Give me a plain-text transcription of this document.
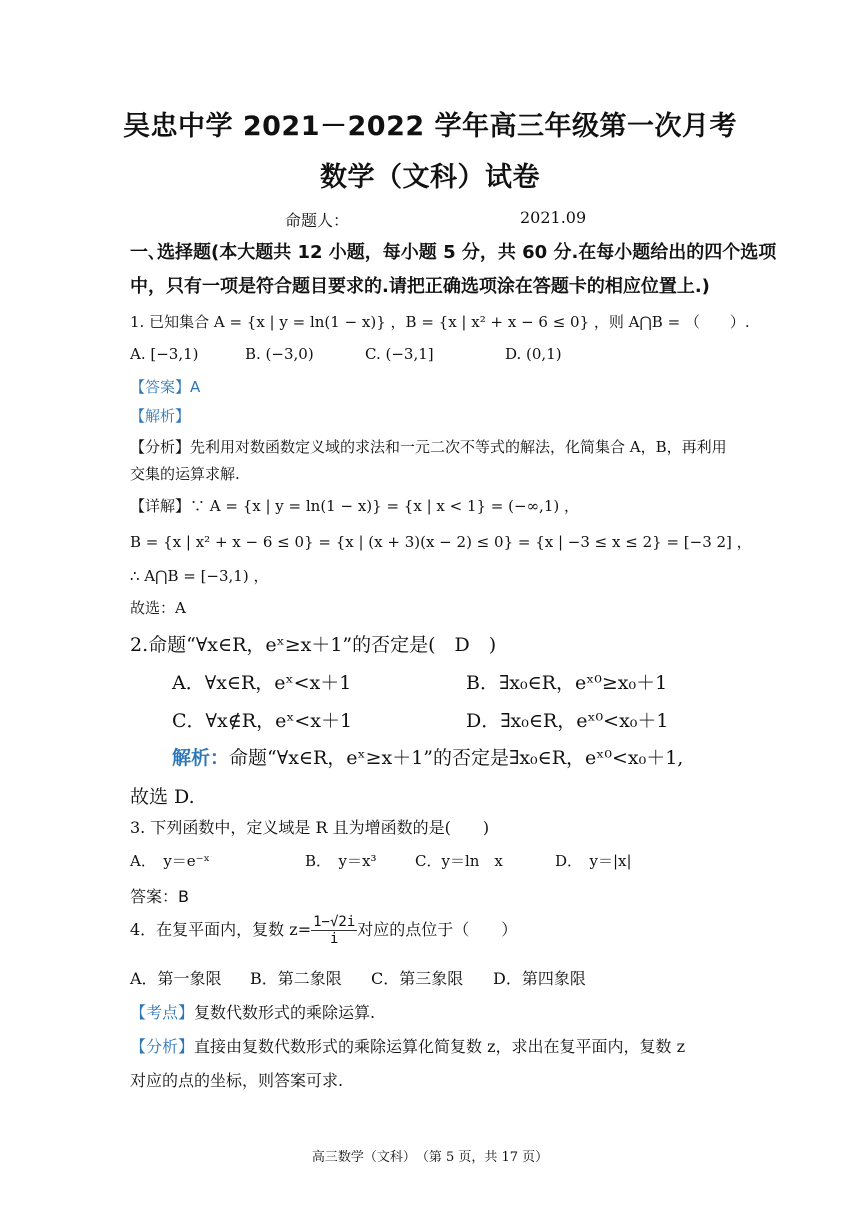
吴忠中学 2021－2022 学年高三年级第一次月考
数学（文科）试卷
命题人：	2021.09
一､选择题(本大题共 12 小题，每小题 5 分，共 60 分.在每小题给出的四个选项
中，只有一项是符合题目要求的.请把正确选项涂在答题卡的相应位置上.)
1. 已知集合 A = {x | y = ln(1 − x)} ，B = {x | x² + x − 6 ≤ 0} ，则 A⋂B = （　　）.
A. [−3,1)	B. (−3,0)	C. (−3,1]	D. (0,1)
【答案】A
【解析】
【分析】先利用对数函数定义域的求法和一元二次不等式的解法，化简集合 A，B，再利用
交集的运算求解.
【详解】∵ A = {x | y = ln(1 − x)} = {x | x < 1} = (−∞,1) ，
B = {x | x² + x − 6 ≤ 0} = {x | (x + 3)(x − 2) ≤ 0} = {x | −3 ≤ x ≤ 2} = [−3 2] ，
∴ A⋂B = [−3,1) ，
故选：A
2.命题“∀x∈R，eˣ≥x＋1”的否定是(　D　)
A．∀x∈R，eˣ<x＋1	B．∃x₀∈R，eˣ⁰≥x₀＋1
C．∀x∉R，eˣ<x＋1	D．∃x₀∈R，eˣ⁰<x₀＋1
解析：命题“∀x∈R，eˣ≥x＋1”的否定是∃x₀∈R，eˣ⁰<x₀＋1,
故选 D.
3. 下列函数中，定义域是 R 且为增函数的是(　　)
A．　y＝e⁻ˣ	B．　y＝x³	C．y＝ln　x	D．　y＝|x|
答案：B
4．在复平面内，复数 $z= \frac{1-√2i}{i}$ 对应的点位于（　　）
A．第一象限 B．第二象限 C．第三象限 D．第四象限
【考点】复数代数形式的乘除运算.
【分析】直接由复数代数形式的乘除运算化简复数 z，求出在复平面内，复数 z
对应的点的坐标，则答案可求.
高三数学（文科）　（第 5 页，共 17 页）
